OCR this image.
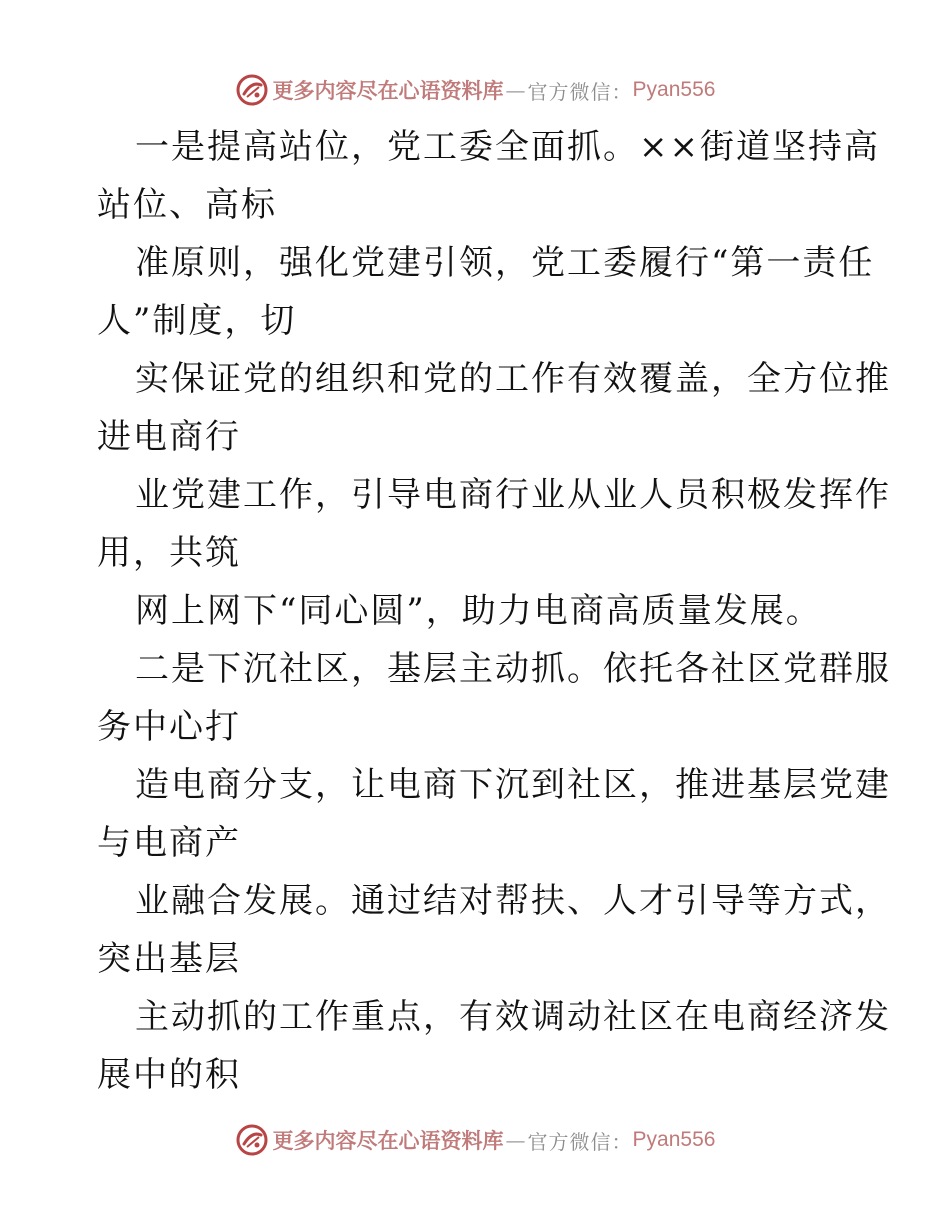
更多内容尽在心语资料库 — 官方微信： Pyan556
一是提高站位，党工委全面抓。××街道坚持高
站位、高标
准原则，强化党建引领，党工委履行“第一责任
人”制度，切
实保证党的组织和党的工作有效覆盖，全方位推
进电商行
业党建工作，引导电商行业从业人员积极发挥作
用，共筑
网上网下“同心圆”，助力电商高质量发展。
二是下沉社区，基层主动抓。依托各社区党群服
务中心打
造电商分支，让电商下沉到社区，推进基层党建
与电商产
业融合发展。通过结对帮扶、人才引导等方式，
突出基层
主动抓的工作重点，有效调动社区在电商经济发
展中的积
更多内容尽在心语资料库 — 官方微信： Pyan556
